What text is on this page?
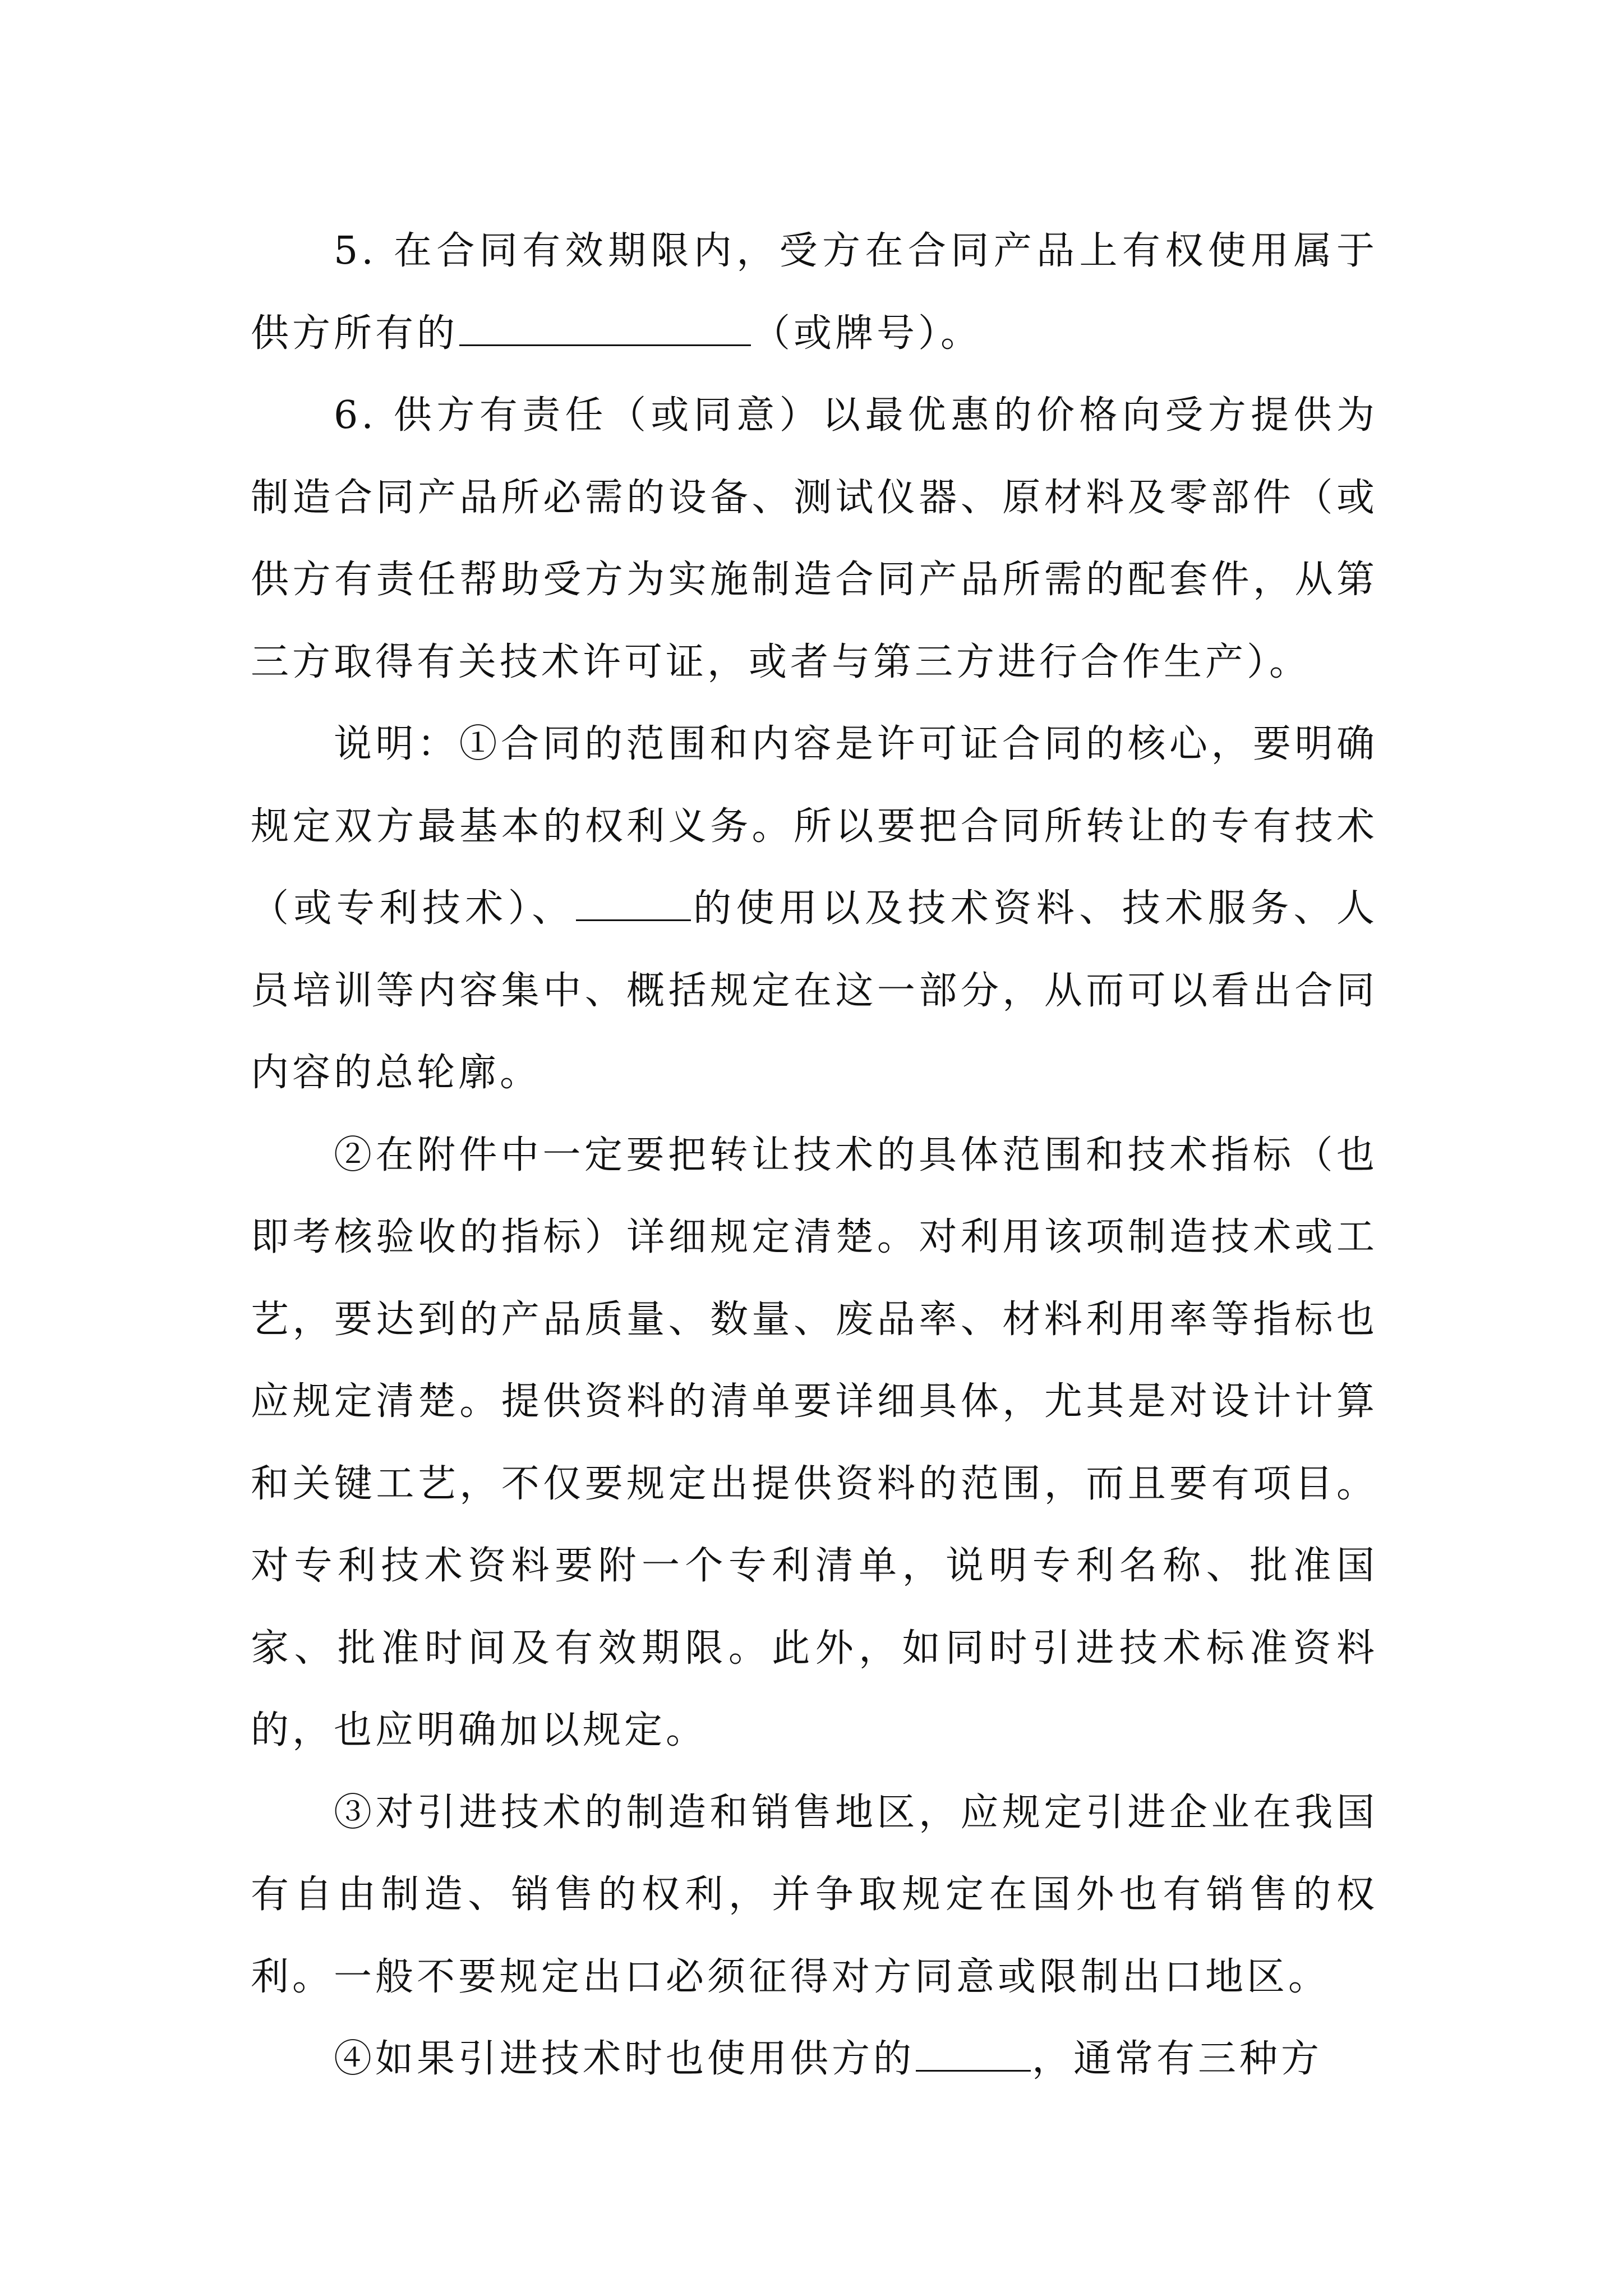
5. 在合同有效期限内，受方在合同产品上有权使用属于供方所有的	（或牌号）。

6. 供方有责任（或同意）以最优惠的价格向受方提供为制造合同产品所必需的设备、测试仪器、原材料及零部件（或供方有责任帮助受方为实施制造合同产品所需的配套件，从第三方取得有关技术许可证，或者与第三方进行合作生产）。

说明：①合同的范围和内容是许可证合同的核心，要明确规定双方最基本的权利义务。所以要把合同所转让的专有技术（或专利技术）、	的使用以及技术资料、技术服务、人员培训等内容集中、概括规定在这一部分，从而可以看出合同内容的总轮廓。

②在附件中一定要把转让技术的具体范围和技术指标（也即考核验收的指标）详细规定清楚。对利用该项制造技术或工艺，要达到的产品质量、数量、废品率、材料利用率等指标也应规定清楚。提供资料的清单要详细具体，尤其是对设计计算和关键工艺，不仅要规定出提供资料的范围，而且要有项目。对专利技术资料要附一个专利清单，说明专利名称、批准国家、批准时间及有效期限。此外，如同时引进技术标准资料的，也应明确加以规定。

③对引进技术的制造和销售地区，应规定引进企业在我国有自由制造、销售的权利，并争取规定在国外也有销售的权利。一般不要规定出口必须征得对方同意或限制出口地区。

④如果引进技术时也使用供方的	，通常有三种方
